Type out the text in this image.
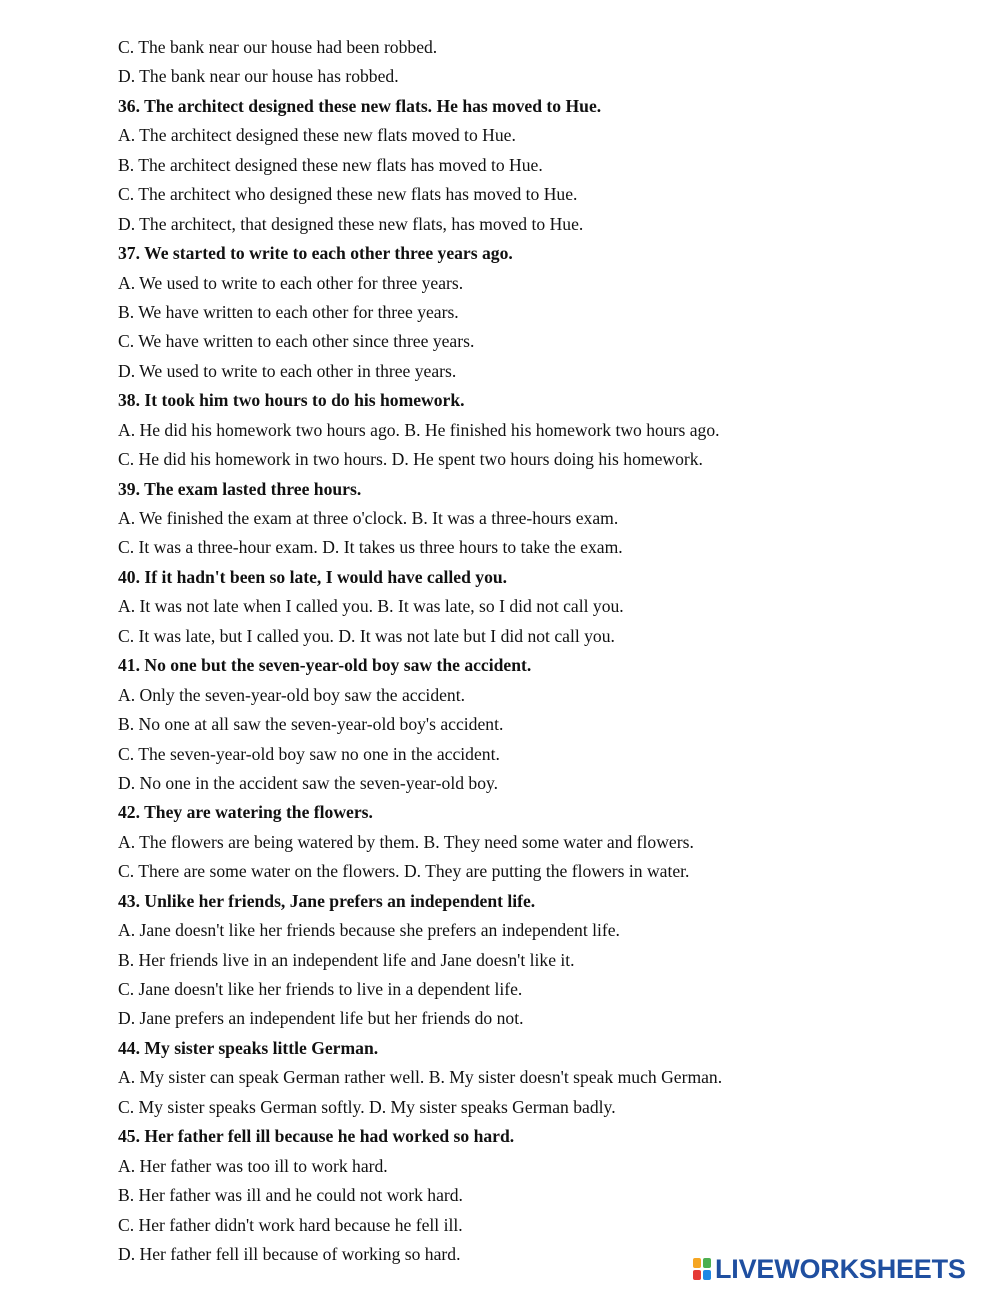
C. The bank near our house had been robbed.
D. The bank near our house has robbed.
36. The architect designed these new flats. He has moved to Hue.
A. The architect designed these new flats moved to Hue.
B. The architect designed these new flats has moved to Hue.
C. The architect who designed these new flats has moved to Hue.
D. The architect, that designed these new flats, has moved to Hue.
37. We started to write to each other three years ago.
A. We used to write to each other for three years.
B. We have written to each other for three years.
C. We have written to each other since three years.
D. We used to write to each other in three years.
38. It took him two hours to do his homework.
A. He did his homework two hours ago. B. He finished his homework two hours ago.
C. He did his homework in two hours. D. He spent two hours doing his homework.
39. The exam lasted three hours.
A. We finished the exam at three o'clock. B. It was a three-hours exam.
C. It was a three-hour exam. D. It takes us three hours to take the exam.
40. If it hadn't been so late, I would have called you.
A. It was not late when I called you. B. It was late, so I did not call you.
C. It was late, but I called you. D. It was not late but I did not call you.
41. No one but the seven-year-old boy saw the accident.
A. Only the seven-year-old boy saw the accident.
B. No one at all saw the seven-year-old boy's accident.
C. The seven-year-old boy saw no one in the accident.
D. No one in the accident saw the seven-year-old boy.
42. They are watering the flowers.
A. The flowers are being watered by them. B. They need some water and flowers.
C. There are some water on the flowers. D. They are putting the flowers in water.
43. Unlike her friends, Jane prefers an independent life.
A. Jane doesn't like her friends because she prefers an independent life.
B. Her friends live in an independent life and Jane doesn't like it.
C. Jane doesn't like her friends to live in a dependent life.
D. Jane prefers an independent life but her friends do not.
44. My sister speaks little German.
A. My sister can speak German rather well. B. My sister doesn't speak much German.
C. My sister speaks German softly. D. My sister speaks German badly.
45. Her father fell ill because he had worked so hard.
A. Her father was too ill to work hard.
B. Her father was ill and he could not work hard.
C. Her father didn't work hard because he fell ill.
D. Her father fell ill because of working so hard.	LIVEWORKSHEETS
